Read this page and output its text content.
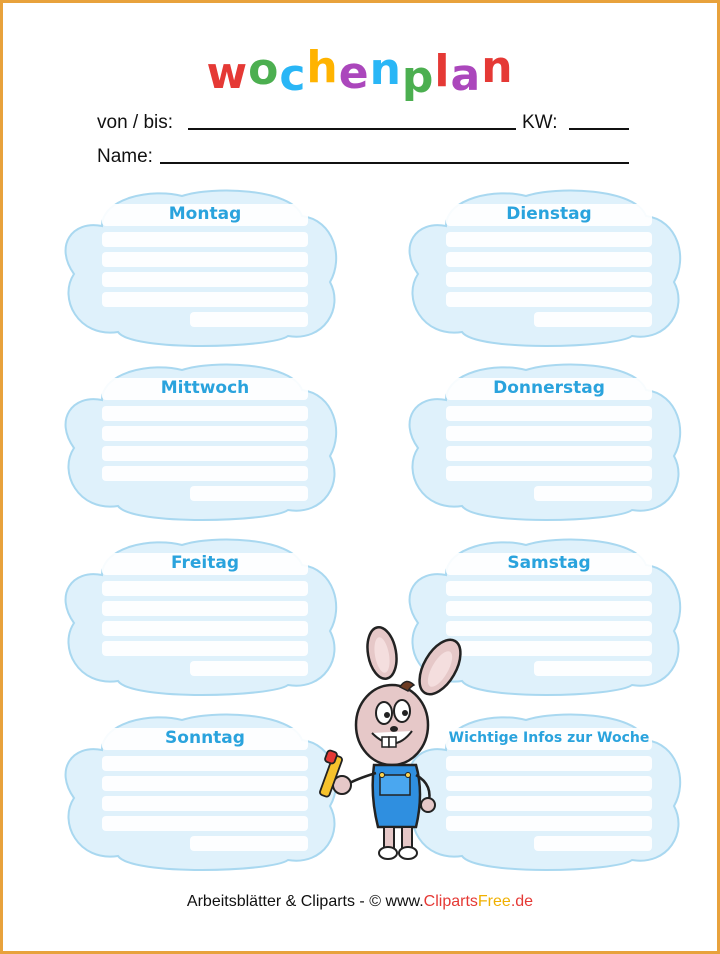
wochenplan
von / bis:	KW:
Name:
Montag	Dienstag
Mittwoch	Donnerstag
Freitag	Samstag
Sonntag	Wichtige Infos zur Woche
Arbeitsblätter & Cliparts - © www.ClipartsFree.de
